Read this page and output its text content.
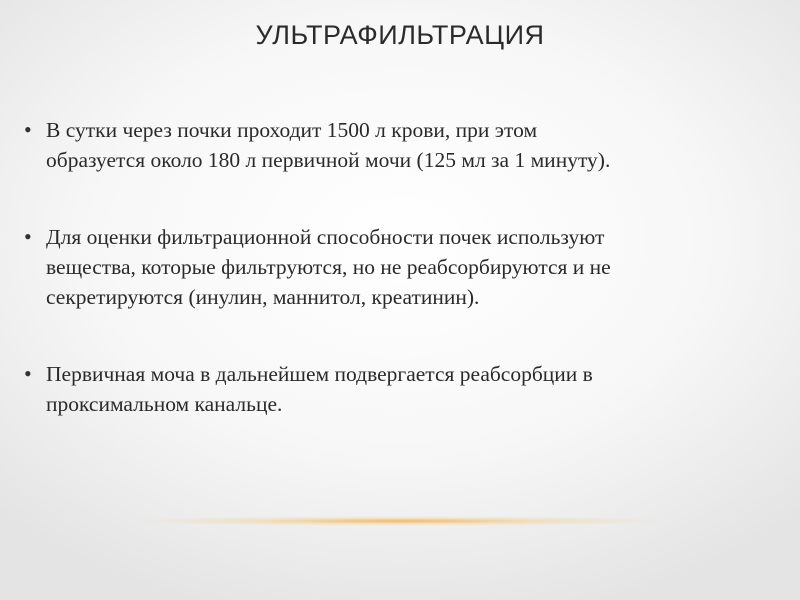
УЛЬТРАФИЛЬТРАЦИЯ
• В сутки через почки проходит 1500 л крови, при этом
образуется около 180 л первичной мочи (125 мл за 1 минуту).
• Для оценки фильтрационной способности почек используют
вещества, которые фильтруются, но не реабсорбируются и не
секретируются (инулин, маннитол, креатинин).
• Первичная моча в дальнейшем подвергается реабсорбции в
проксимальном канальце.
